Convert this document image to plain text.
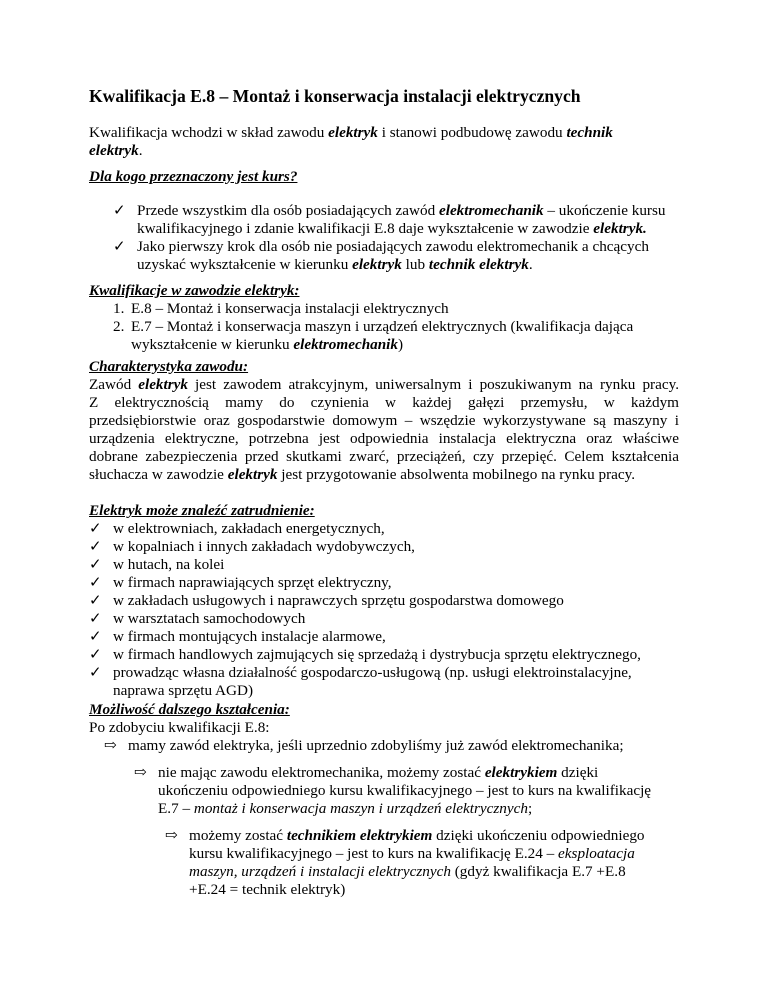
Kwalifikacja E.8 – Montaż i konserwacja instalacji elektrycznych
Kwalifikacja wchodzi w skład zawodu elektryk i stanowi podbudowę zawodu technik
elektryk.
Dla kogo przeznaczony jest kurs?
✓ Przede wszystkim dla osób posiadających zawód elektromechanik – ukończenie kursu
kwalifikacyjnego i zdanie kwalifikacji E.8 daje wykształcenie w zawodzie elektryk.
✓ Jako pierwszy krok dla osób nie posiadających zawodu elektromechanik a chcących
uzyskać wykształcenie w kierunku elektryk lub technik elektryk.
Kwalifikacje w zawodzie elektryk:
1. E.8 – Montaż i konserwacja instalacji elektrycznych
2. E.7 – Montaż i konserwacja maszyn i urządzeń elektrycznych (kwalifikacja dająca
wykształcenie w kierunku elektromechanik)
Charakterystyka zawodu:
Zawód elektryk jest zawodem atrakcyjnym, uniwersalnym i poszukiwanym na rynku pracy.
Z elektrycznością mamy do czynienia w każdej gałęzi przemysłu, w każdym
przedsiębiorstwie oraz gospodarstwie domowym – wszędzie wykorzystywane są maszyny i
urządzenia elektryczne, potrzebna jest odpowiednia instalacja elektryczna oraz właściwe
dobrane zabezpieczenia przed skutkami zwarć, przeciążeń, czy przepięć. Celem kształcenia
słuchacza w zawodzie elektryk jest przygotowanie absolwenta mobilnego na rynku pracy.
Elektryk może znaleźć zatrudnienie:
✓ w elektrowniach, zakładach energetycznych,
✓ w kopalniach i innych zakładach wydobywczych,
✓ w hutach, na kolei
✓ w firmach naprawiających sprzęt elektryczny,
✓ w zakładach usługowych i naprawczych sprzętu gospodarstwa domowego
✓ w warsztatach samochodowych
✓ w firmach montujących instalacje alarmowe,
✓ w firmach handlowych zajmujących się sprzedażą i dystrybucja sprzętu elektrycznego,
✓ prowadząc własna działalność gospodarczo-usługową (np. usługi elektroinstalacyjne,
naprawa sprzętu AGD)
Możliwość dalszego kształcenia:
Po zdobyciu kwalifikacji E.8:
⇨ mamy zawód elektryka, jeśli uprzednio zdobyliśmy już zawód elektromechanika;
⇨ nie mając zawodu elektromechanika, możemy zostać elektrykiem dzięki
ukończeniu odpowiedniego kursu kwalifikacyjnego – jest to kurs na kwalifikację
E.7 – montaż i konserwacja maszyn i urządzeń elektrycznych;
⇨ możemy zostać technikiem elektrykiem dzięki ukończeniu odpowiedniego
kursu kwalifikacyjnego – jest to kurs na kwalifikację E.24 – eksploatacja
maszyn, urządzeń i instalacji elektrycznych (gdyż kwalifikacja E.7 +E.8
+E.24 = technik elektryk)
